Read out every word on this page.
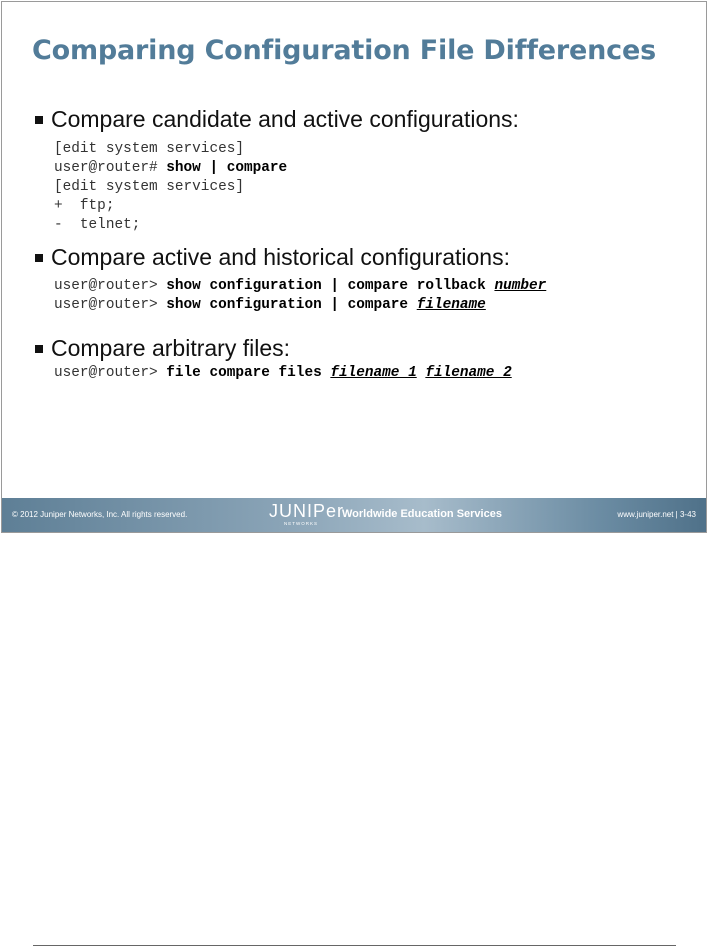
Comparing Configuration File Differences
Compare candidate and active configurations:
[edit system services]
user@router# show | compare
[edit system services]
+  ftp;
-  telnet;
Compare active and historical configurations:
user@router> show configuration | compare rollback number
user@router> show configuration | compare filename
Compare arbitrary files:
user@router> file compare files filename_1 filename_2
© 2012 Juniper Networks, Inc. All rights reserved.	JUNIPer
NETWORKS
Worldwide Education Services	www.juniper.net | 3-43
